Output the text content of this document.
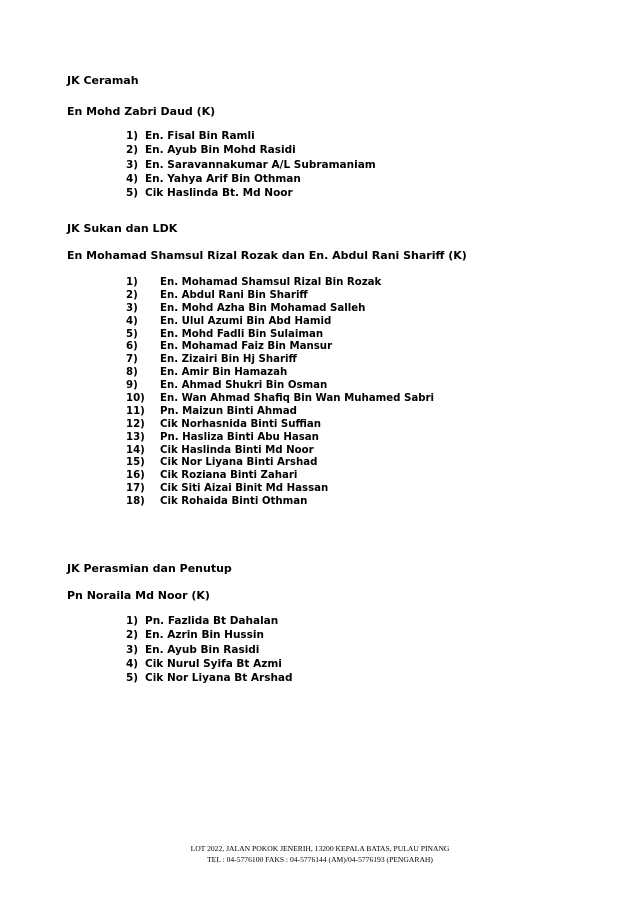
JK Ceramah
En Mohd Zabri Daud (K)
1) En. Fisal Bin Ramli
2) En. Ayub Bin Mohd Rasidi
3) En. Saravannakumar A/L Subramaniam
4) En. Yahya Arif Bin Othman
5) Cik Haslinda Bt. Md Noor
JK Sukan dan LDK
En Mohamad Shamsul Rizal Rozak dan En. Abdul Rani Shariff (K)
1)	En. Mohamad Shamsul Rizal Bin Rozak
2)	En. Abdul Rani Bin Shariff
3)	En. Mohd Azha Bin Mohamad Salleh
4)	En. Ulul Azumi Bin Abd Hamid
5)	En. Mohd Fadli Bin Sulaiman
6)	En. Mohamad Faiz Bin Mansur
7)	En. Zizairi Bin Hj Shariff
8)	En. Amir Bin Hamazah
9)	En. Ahmad Shukri Bin Osman
10)	En. Wan Ahmad Shafiq Bin Wan Muhamed Sabri
11)	Pn. Maizun Binti Ahmad
12)	Cik Norhasnida Binti Suffian
13)	Pn. Hasliza Binti Abu Hasan
14)	Cik Haslinda Binti Md Noor
15)	Cik Nor Liyana Binti Arshad
16)	Cik Roziana Binti Zahari
17)	Cik Siti Aizai Binit Md Hassan
18)	Cik Rohaida Binti Othman
JK Perasmian dan Penutup
Pn Noraila Md Noor (K)
1) Pn. Fazlida Bt Dahalan
2) En. Azrin Bin Hussin
3) En. Ayub Bin Rasidi
4) Cik Nurul Syifa Bt Azmi
5) Cik Nor Liyana Bt Arshad
LOT 2022, JALAN POKOK JENERIH, 13200 KEPALA BATAS, PULAU PINANG
TEL : 04-5776100 FAKS : 04-5776144 (AM)/04-5776193 (PENGARAH)
